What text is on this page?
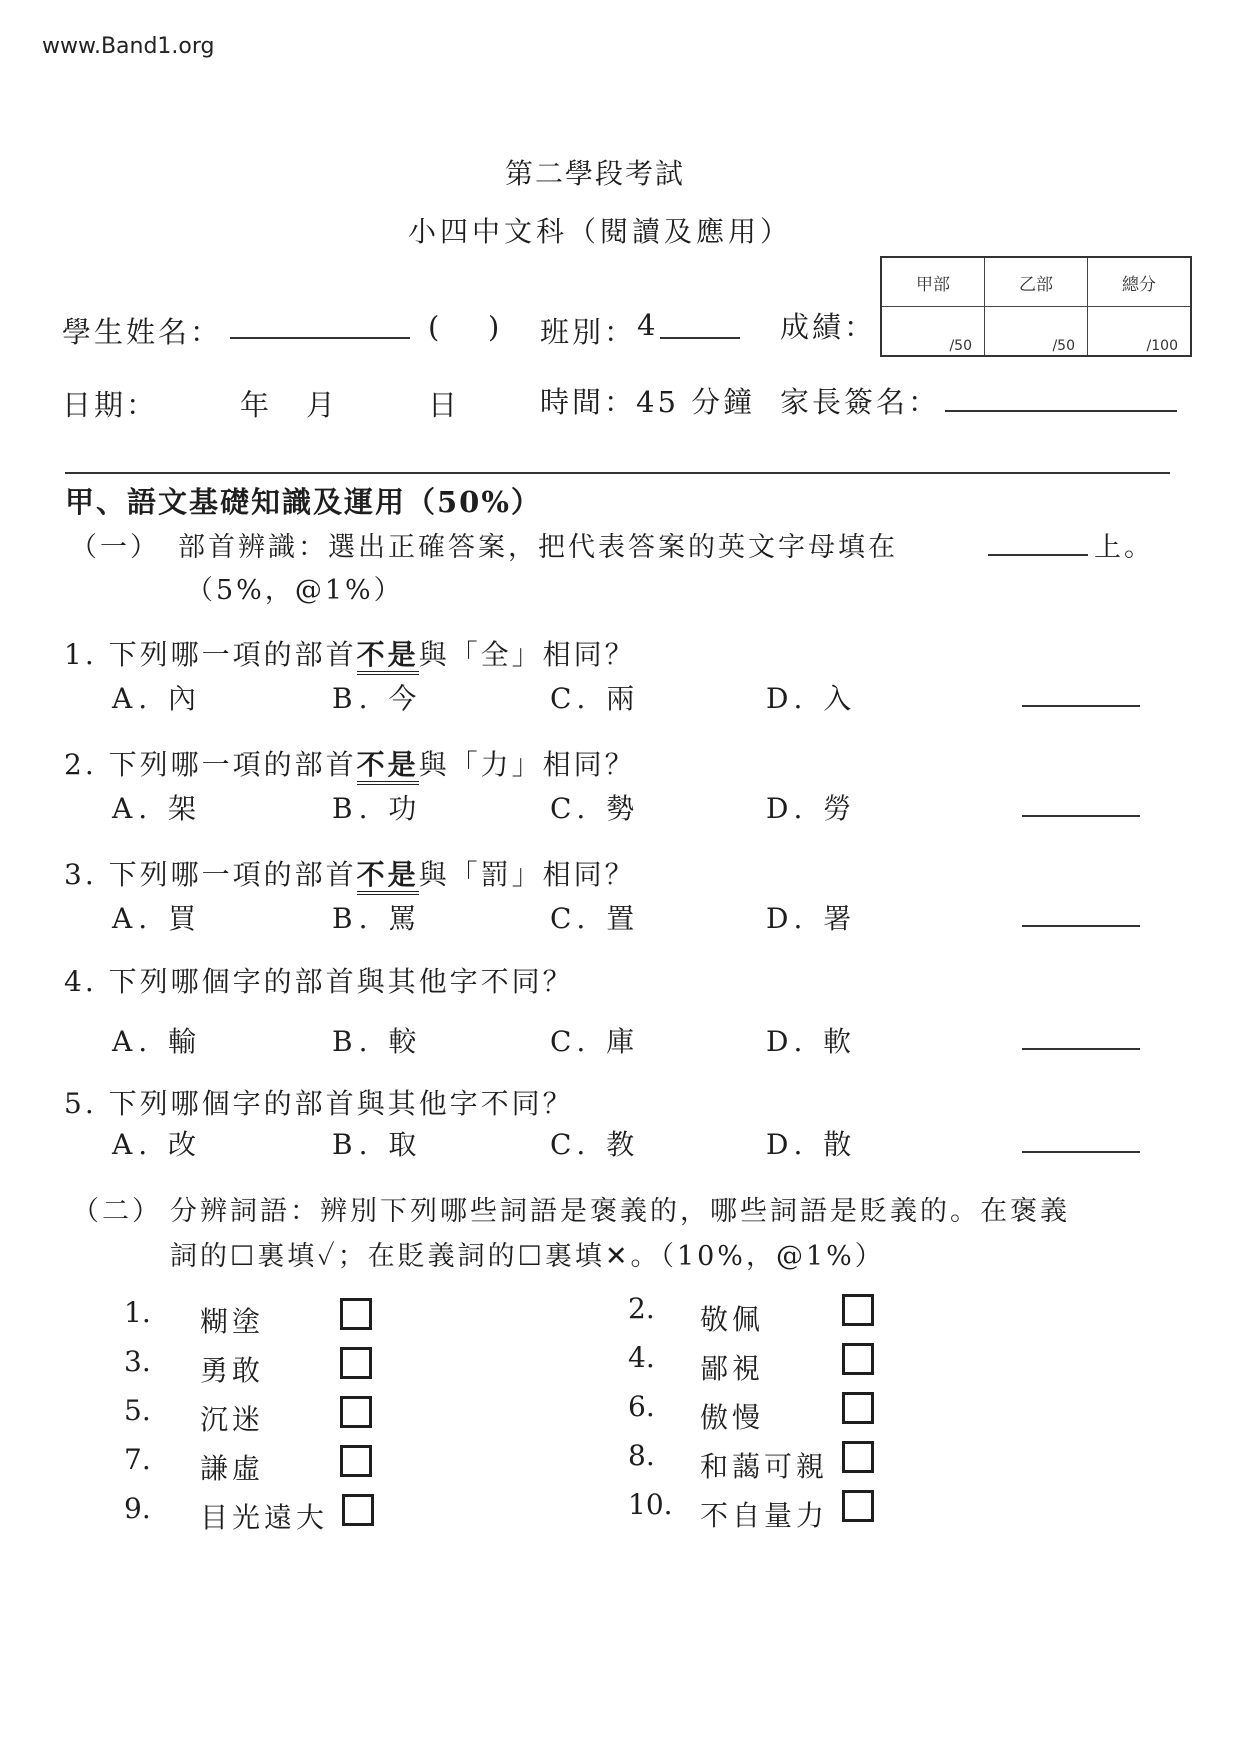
www.Band1.org
第二學段考試
小四中文科（閱讀及應用）
學生姓名：	( ) 班別： 4	成績：
甲部	乙部	總分
/50	/50	/100
日期：	年 月	日	時間：45 分鐘 家長簽名：
甲、語文基礎知識及運用（50%）
（一） 部首辨識：選出正確答案，把代表答案的英文字母填在	上。
（5%，@1%）
1. 下列哪一項的部首不是與「全」相同？
A. 內	B. 今	C. 兩	D. 入
2. 下列哪一項的部首不是與「力」相同？
A. 架	B. 功	C. 勢	D. 勞
3. 下列哪一項的部首不是與「罰」相同？
A. 買	B. 罵	C. 置	D. 署
4. 下列哪個字的部首與其他字不同？
A. 輸	B. 較	C. 庫	D. 軟
5. 下列哪個字的部首與其他字不同？
A. 改	B. 取	C. 教	D. 散
（二） 分辨詞語：辨別下列哪些詞語是褒義的，哪些詞語是貶義的。在褒義
詞的☐裏填✓；在貶義詞的☐裏填✕。（10%，@1%）
1. 糊塗
3. 勇敢
5. 沉迷
7. 謙虛
9. 目光遠大
2. 敬佩
4. 鄙視
6. 傲慢
8. 和藹可親
10. 不自量力
